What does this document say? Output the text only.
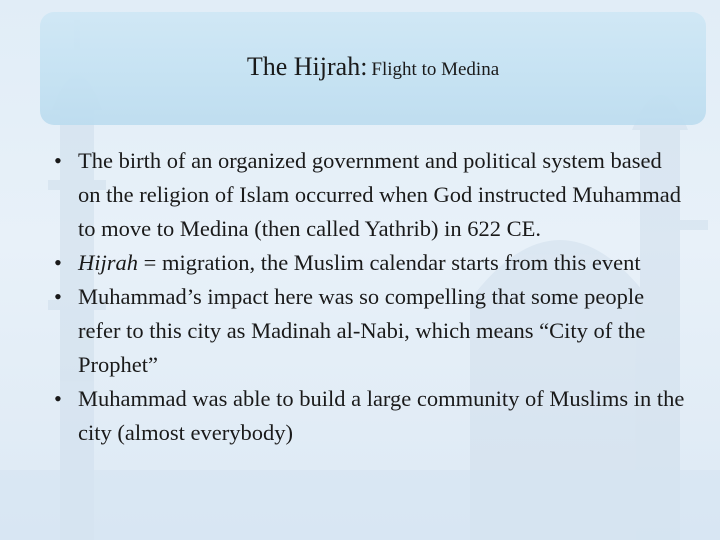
The Hijrah: Flight to Medina
• The birth of an organized government and political system based on the religion of Islam occurred when God instructed Muhammad to move to Medina (then called Yathrib) in 622 CE.
• Hijrah = migration, the Muslim calendar starts from this event
• Muhammad’s impact here was so compelling that some people refer to this city as Madinah al-Nabi, which means “City of the Prophet”
• Muhammad was able to build a large community of Muslims in the city (almost everybody)
